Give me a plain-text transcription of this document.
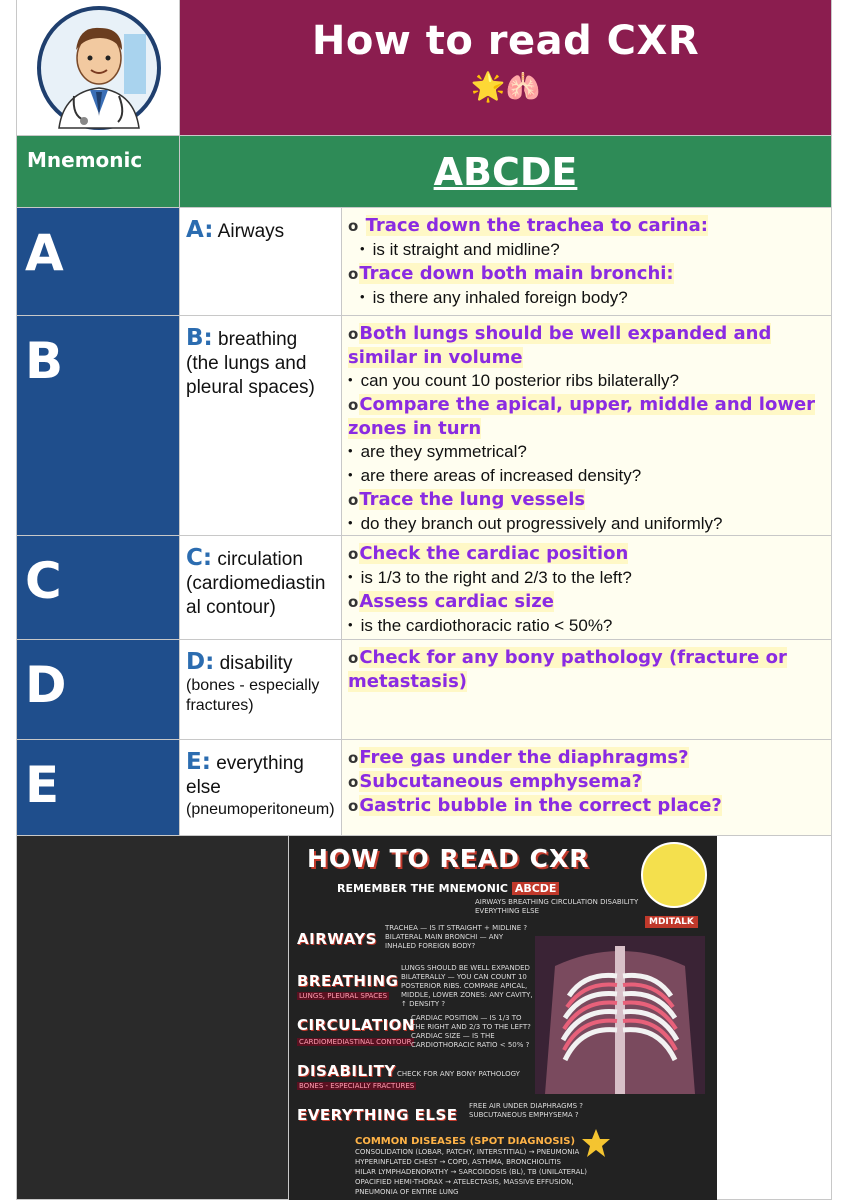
How to read CXR
🌟🫁
Mnemonic	ABCDE
A	A: Airways	o Trace down the trachea to carina:
• is it straight and midline?
oTrace down both main bronchi:
• is there any inhaled foreign body?
B	B: breathing (the lungs and pleural spaces)
oBoth lungs should be well expanded and similar in volume
• can you count 10 posterior ribs bilaterally?
oCompare the apical, upper, middle and lower zones in turn
• are they symmetrical?
• are there areas of increased density?
oTrace the lung vessels
• do they branch out progressively and uniformly?
C	C: circulation (cardiomediastin al contour)
oCheck the cardiac position
• is 1/3 to the right and 2/3 to the left?
oAssess cardiac size
• is the cardiothoracic ratio < 50%?
D	D: disability
(bones - especially fractures)
oCheck for any bony pathology (fracture or metastasis)
E	E: everything else
(pneumoperitoneum)
oFree gas under the diaphragms?
oSubcutaneous emphysema?
oGastric bubble in the correct place?
HOW TO READ CXR
REMEMBER THE MNEMONIC ABCDE
AIRWAYS BREATHING CIRCULATION DISABILITY EVERYTHING ELSE
MDITALK
AIRWAYS
TRACHEA — IS IT STRAIGHT + MIDLINE ? BILATERAL MAIN BRONCHI — ANY INHALED FOREIGN BODY?
BREATHING
LUNGS, PLEURAL SPACES
LUNGS SHOULD BE WELL EXPANDED BILATERALLY — YOU CAN COUNT 10 POSTERIOR RIBS. COMPARE APICAL, MIDDLE, LOWER ZONES: ANY CAVITY, ↑ DENSITY ?
CIRCULATION
CARDIOMEDIASTINAL CONTOUR
CARDIAC POSITION — IS 1/3 TO THE RIGHT AND 2/3 TO THE LEFT? CARDIAC SIZE — IS THE CARDIOTHORACIC RATIO < 50% ?
DISABILITY
BONES - ESPECIALLY FRACTURES
CHECK FOR ANY BONY PATHOLOGY
EVERYTHING ELSE FREE AIR UNDER DIAPHRAGMS ? SUBCUTANEOUS EMPHYSEMA ?
COMMON DISEASES (SPOT DIAGNOSIS)
CONSOLIDATION (LOBAR, PATCHY, INTERSTITIAL) → PNEUMONIA
HYPERINFLATED CHEST → COPD, ASTHMA, BRONCHIOLITIS
HILAR LYMPHADENOPATHY → SARCOIDOSIS (BL), TB (UNILATERAL)
OPACIFIED HEMI-THORAX → ATELECTASIS, MASSIVE EFFUSION, PNEUMONIA OF ENTIRE LUNG
